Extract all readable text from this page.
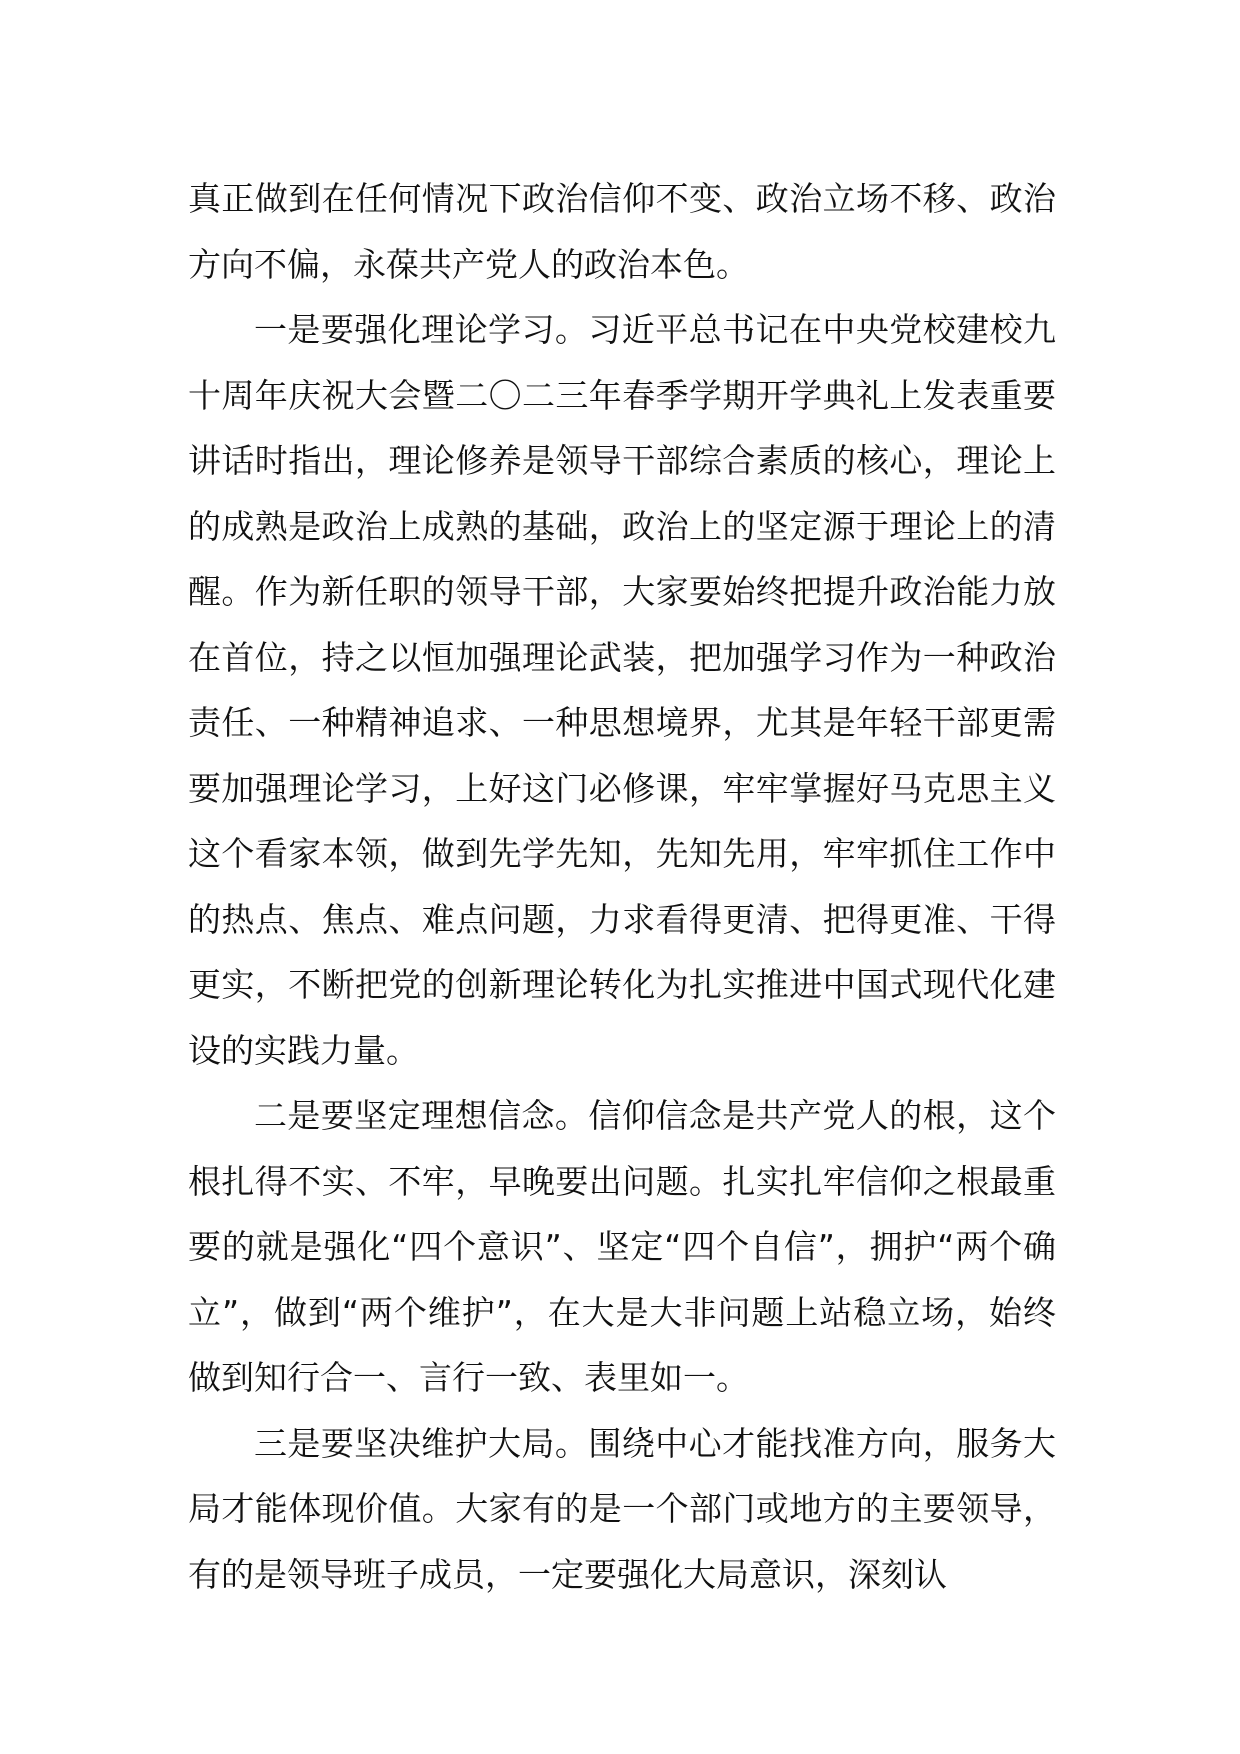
真正做到在任何情况下政治信仰不变、政治立场不移、政治方向不偏，永葆共产党人的政治本色。

一是要强化理论学习。习近平总书记在中央党校建校九十周年庆祝大会暨二〇二三年春季学期开学典礼上发表重要讲话时指出，理论修养是领导干部综合素质的核心，理论上的成熟是政治上成熟的基础，政治上的坚定源于理论上的清醒。作为新任职的领导干部，大家要始终把提升政治能力放在首位，持之以恒加强理论武装，把加强学习作为一种政治责任、一种精神追求、一种思想境界，尤其是年轻干部更需要加强理论学习，上好这门必修课，牢牢掌握好马克思主义这个看家本领，做到先学先知，先知先用，牢牢抓住工作中的热点、焦点、难点问题，力求看得更清、把得更准、干得更实，不断把党的创新理论转化为扎实推进中国式现代化建设的实践力量。

二是要坚定理想信念。信仰信念是共产党人的根，这个根扎得不实、不牢，早晚要出问题。扎实扎牢信仰之根最重要的就是强化“四个意识”、坚定“四个自信”，拥护“两个确立”，做到“两个维护”，在大是大非问题上站稳立场，始终做到知行合一、言行一致、表里如一。

三是要坚决维护大局。围绕中心才能找准方向，服务大局才能体现价值。大家有的是一个部门或地方的主要领导，有的是领导班子成员，一定要强化大局意识，深刻认
